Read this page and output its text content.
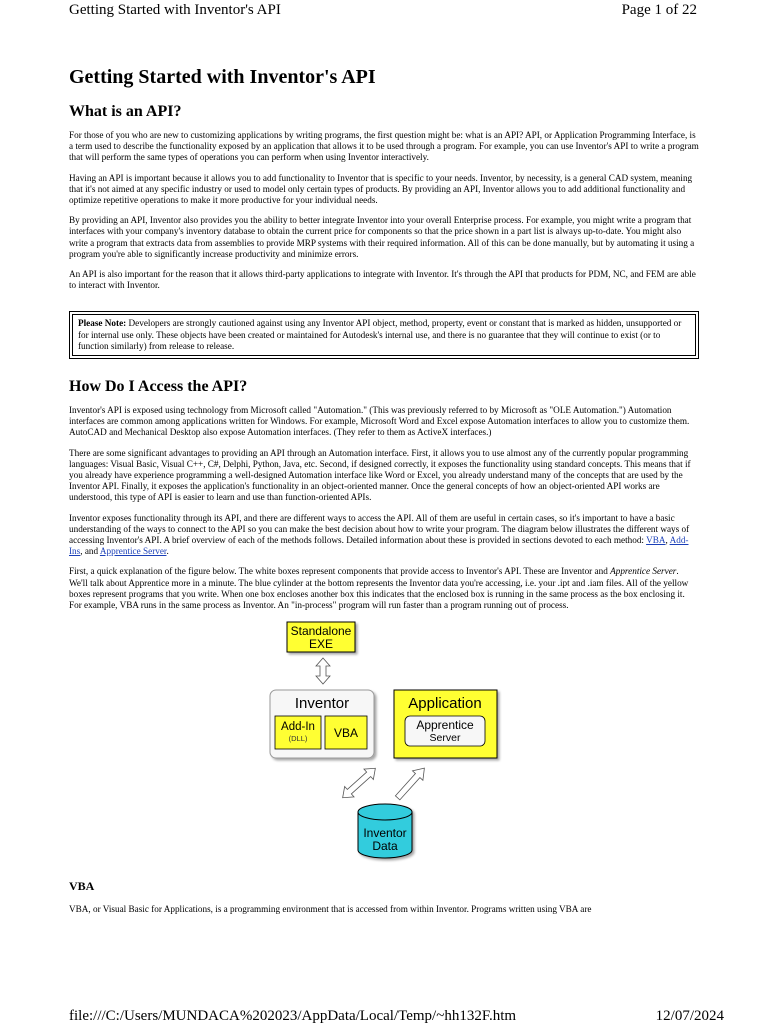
Getting Started with Inventor's API	Page 1 of 22
Getting Started with Inventor's API
What is an API?

For those of you who are new to customizing applications by writing programs, the first question might be: what is an API? API, or Application Programming Interface, is a term used to describe the functionality exposed by an application that allows it to be used through a program. For example, you can use Inventor's API to write a program that will perform the same types of operations you can perform when using Inventor interactively.

Having an API is important because it allows you to add functionality to Inventor that is specific to your needs. Inventor, by necessity, is a general CAD system, meaning that it's not aimed at any specific industry or used to model only certain types of products. By providing an API, Inventor allows you to add additional functionality and optimize repetitive operations to make it more productive for your individual needs.

By providing an API, Inventor also provides you the ability to better integrate Inventor into your overall Enterprise process. For example, you might write a program that interfaces with your company's inventory database to obtain the current price for components so that the price shown in a part list is always up-to-date. You might also write a program that extracts data from assemblies to provide MRP systems with their required information. All of this can be done manually, but by automating it using a program you're able to significantly increase productivity and minimize errors.

An API is also important for the reason that it allows third-party applications to integrate with Inventor. It's through the API that products for PDM, NC, and FEM are able to interact with Inventor.

Please Note: Developers are strongly cautioned against using any Inventor API object, method, property, event or constant that is marked as hidden, unsupported or for internal use only. These objects have been created or maintained for Autodesk's internal use, and there is no guarantee that they will continue to exist (or to function similarly) from release to release.

How Do I Access the API?

Inventor's API is exposed using technology from Microsoft called "Automation." (This was previously referred to by Microsoft as "OLE Automation.") Automation interfaces are common among applications written for Windows. For example, Microsoft Word and Excel expose Automation interfaces to allow you to customize them. AutoCAD and Mechanical Desktop also expose Automation interfaces. (They refer to them as ActiveX interfaces.)

There are some significant advantages to providing an API through an Automation interface. First, it allows you to use almost any of the currently popular programming languages: Visual Basic, Visual C++, C#, Delphi, Python, Java, etc. Second, if designed correctly, it exposes the functionality using standard concepts. This means that if you already have experience programming a well-designed Automation interface like Word or Excel, you already understand many of the concepts that are used by the Inventor API. Finally, it exposes the application's functionality in an object-oriented manner. Once the general concepts of how an object-oriented API works are understood, this type of API is easier to learn and use than function-oriented APIs.

Inventor exposes functionality through its API, and there are different ways to access the API. All of them are useful in certain cases, so it's important to have a basic understanding of the ways to connect to the API so you can make the best decision about how to write your program. The diagram below illustrates the different ways of accessing Inventor's API. A brief overview of each of the methods follows. Detailed information about these is provided in sections devoted to each method: VBA, Add-Ins, and Apprentice Server.

First, a quick explanation of the figure below. The white boxes represent components that provide access to Inventor's API. These are Inventor and Apprentice Server. We'll talk about Apprentice more in a minute. The blue cylinder at the bottom represents the Inventor data you're accessing, i.e. your .ipt and .iam files. All of the yellow boxes represent programs that you write. When one box encloses another box this indicates that the enclosed box is running in the same process as the box enclosing it. For example, VBA runs in the same process as Inventor. An "in-process" program will run faster than a program running out of process.

Standalone
EXE
Inventor
Add-In
(DLL) VBA
Application
Apprentice
Server
Inventor
Data
VBA

VBA, or Visual Basic for Applications, is a programming environment that is accessed from within Inventor. Programs written using VBA are

file:///C:/Users/MUNDACA%202023/AppData/Local/Temp/~hh132F.htm	12/07/2024
